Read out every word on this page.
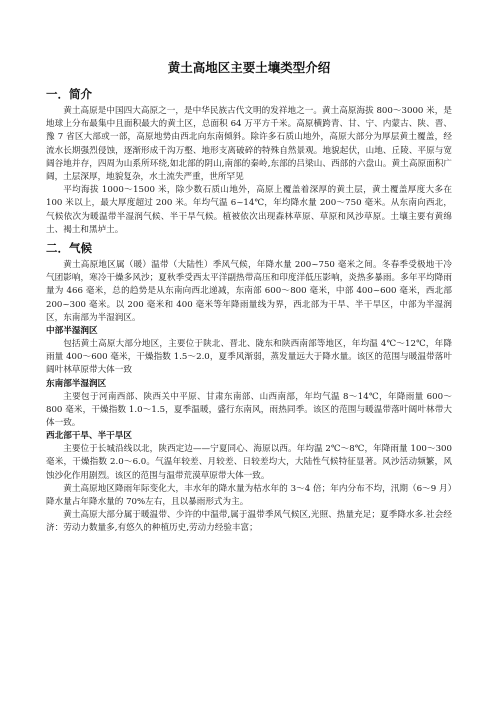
黄土高地区主要土壤类型介绍
一．简介

黄土高原是中国四大高原之一，是中华民族古代文明的发祥地之一。黄土高原海拔 800～3000 米，是地球上分布最集中且面积最大的黄土区，总面积 64 万平方千米。高原横跨青、甘、宁、内蒙古、陕、晋、豫 7 省区大部或一部，高原地势由西北向东南倾斜。除许多石质山地外，高原大部分为厚层黄土覆盖，经流水长期强烈侵蚀，逐渐形成千沟万壑、地形支离破碎的特殊自然景观。地貌起伏，山地、丘陵、平原与宽阔谷地并存，四周为山系所环绕,如北部的阴山,南部的秦岭,东部的吕梁山、西部的六盘山。黄土高原面积广阔，土层深厚，地貌复杂，水土流失严重，世所罕见

平均海拔 1000～1500 米，除少数石质山地外，高原上覆盖着深厚的黄土层，黄土覆盖厚度大多在 100 米以上，最大厚度超过 200 米。年均气温 6~14℃，年均降水量 200～750 毫米。从东南向西北，气候依次为暖温带半湿润气候、半干旱气候。植被依次出现森林草原、草原和风沙草原。土壤主要有黄绵土、褐土和黑垆土。

二．气候

黄土高原地区属（暖）温带（大陆性）季风气候，年降水量 200~750 毫米之间。冬春季受极地干冷气团影响，寒冷干燥多风沙；夏秋季受西太平洋副热带高压和印度洋低压影响，炎热多暴雨。多年平均降雨量为 466 毫米，总的趋势是从东南向西北递减，东南部 600～800 毫米，中部 400~600 毫米，西北部 200~300 毫米。以 200 毫米和 400 毫米等年降雨量线为界，西北部为干旱、半干旱区，中部为半湿润区，东南部为半湿润区。

中部半湿润区

包括黄土高原大部分地区，主要位于陕北、晋北、陇东和陕西南部等地区，年均温 4℃～12℃，年降雨量 400～600 毫米，干燥指数 1.5～2.0，夏季风渐弱，蒸发量远大于降水量。该区的范围与暖温带落叶阔叶林草原带大体一致

东南部半湿润区

主要包于河南西部、陕西关中平原、甘肃东南部、山西南部，年均气温 8～14℃，年降雨量 600～800 毫米，干燥指数 1.0～1.5，夏季温暖，盛行东南风，雨热同季。该区的范围与暖温带落叶阔叶林带大体一致。

西北部干旱、半干旱区

主要位于长城沿线以北，陕西定边——宁夏同心、海原以西。年均温 2℃～8℃，年降雨量 100～300 毫米，干燥指数 2.0～6.0。气温年较差、月较差、日较差均大，大陆性气候特征显著。风沙活动频繁，风蚀沙化作用剧烈。该区的范围与温带荒漠草原带大体一致。

黄土高原地区降雨年际变化大，丰水年的降水量为枯水年的 3～4 倍；年内分布不均，汛期（6～9 月）降水量占年降水量的 70%左右，且以暴雨形式为主。

黄土高原大部分属于暖温带、少许的中温带,属于温带季风气候区,光照、热量充足；夏季降水多.社会经济：劳动力数量多,有悠久的种植历史,劳动力经验丰富；
